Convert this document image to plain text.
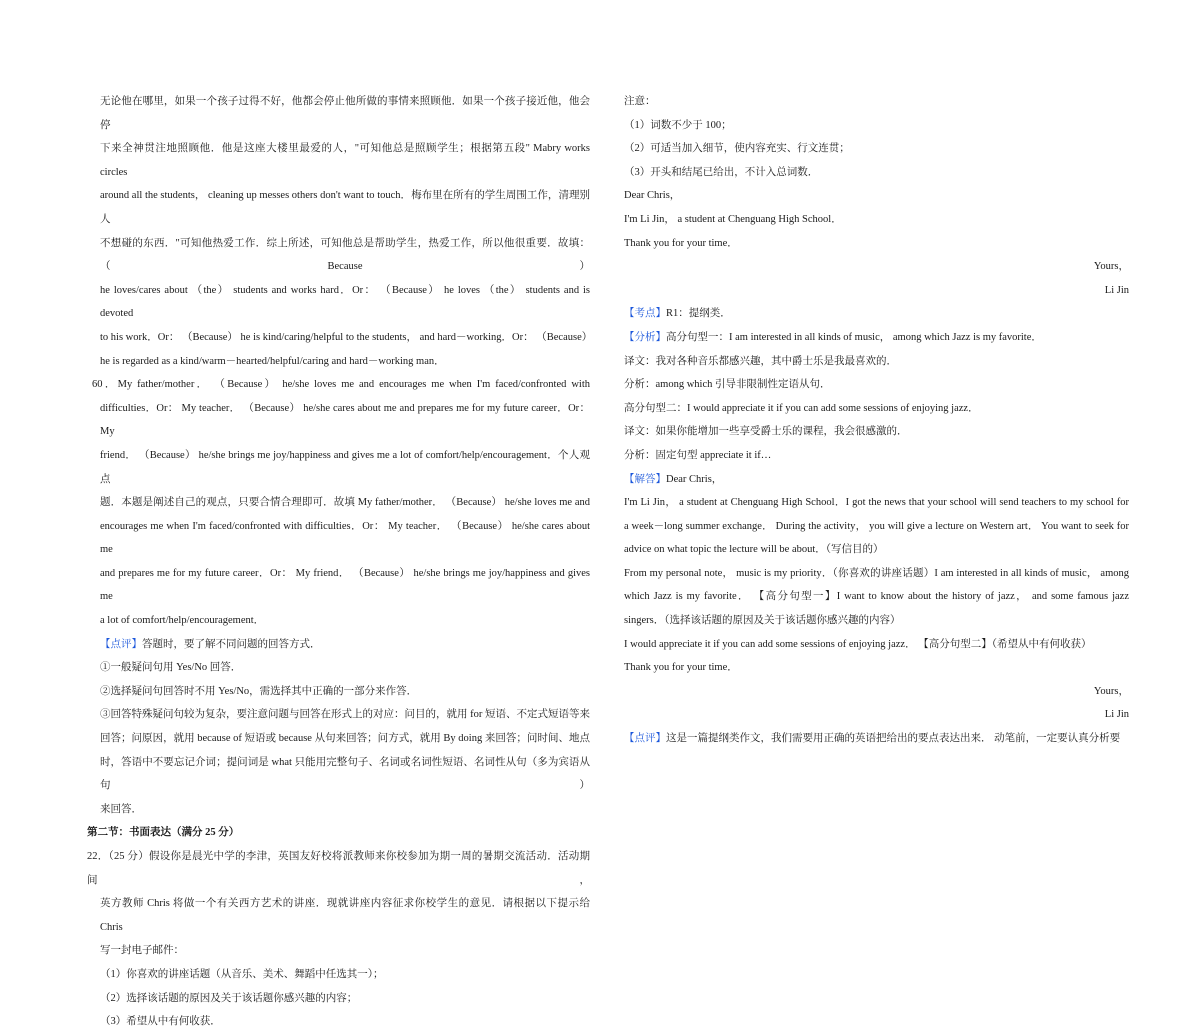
无论他在哪里，如果一个孩子过得不好，他都会停止他所做的事情来照顾他．如果一个孩子接近他，他会停

下来全神贯注地照顾他．他是这座大楼里最爱的人，"可知他总是照顾学生；根据第五段" Mabry works circles

around all the students， cleaning up messes others don't want to touch．梅布里在所有的学生周围工作，清理别人

不想碰的东西．"可知他热爱工作．综上所述，可知他总是帮助学生，热爱工作，所以他很重要．故填：（Because）

he loves/cares about （the） students and works hard．Or： （Because） he loves （the） students and is devoted

to his work．Or： （Because） he is kind/caring/helpful to the students， and hard－working．Or： （Because）

he is regarded as a kind/warm－hearted/helpful/caring and hard－working man．

60．My father/mother． （Because） he/she loves me and encourages me when I'm faced/confronted with

difficulties．Or： My teacher． （Because） he/she cares about me and prepares me for my future career．Or： My

friend． （Because） he/she brings me joy/happiness and gives me a lot of comfort/help/encouragement．个人观点

题．本题是阐述自己的观点，只要合情合理即可．故填 My father/mother． （Because） he/she loves me and

encourages me when I'm faced/confronted with difficulties．Or： My teacher． （Because） he/she cares about me

and prepares me for my future career．Or： My friend． （Because） he/she brings me joy/happiness and gives me

a lot of comfort/help/encouragement．

【点评】答题时，要了解不同问题的回答方式．

①一般疑问句用 Yes/No 回答．

②选择疑问句回答时不用 Yes/No，需选择其中正确的一部分来作答．

③回答特殊疑问句较为复杂，要注意问题与回答在形式上的对应：问目的，就用 for 短语、不定式短语等来

回答；问原因，就用 because of 短语或 because 从句来回答；问方式，就用 By doing 来回答；问时间、地点

时，答语中不要忘记介词；提问词是 what 只能用完整句子、名词或名词性短语、名词性从句（多为宾语从句）

来回答．

第二节：书面表达（满分 25 分）

22．（25 分）假设你是晨光中学的李津，英国友好校将派教师来你校参加为期一周的暑期交流活动．活动期间，

英方教师 Chris 将做一个有关西方艺术的讲座．现就讲座内容征求你校学生的意见．请根据以下提示给 Chris

写一封电子邮件：

（1）你喜欢的讲座话题（从音乐、美术、舞蹈中任选其一）；

（2）选择该话题的原因及关于该话题你感兴趣的内容；

（3）希望从中有何收获．

注意：

（1）词数不少于 100；

（2）可适当加入细节，使内容充实、行文连贯；

（3）开头和结尾已给出，不计入总词数．

Dear Chris，

I'm Li Jin， a student at Chenguang High School．

Thank you for your time．

Yours，

Li Jin

【考点】R1：提纲类．

【分析】高分句型一：I am interested in all kinds of music， among which Jazz is my favorite．

译文：我对各种音乐都感兴趣，其中爵士乐是我最喜欢的．

分析：among which 引导非限制性定语从句．

高分句型二：I would appreciate it if you can add some sessions of enjoying jazz．

译文：如果你能增加一些享受爵士乐的课程，我会很感激的．

分析：固定句型 appreciate it if…

【解答】Dear Chris，

I'm Li Jin， a student at Chenguang High School．I got the news that your school will send teachers to my school for

a week－long summer exchange． During the activity， you will give a lecture on Western art． You want to seek for

advice on what topic the lecture will be about．（写信目的）

From my personal note， music is my priority．（你喜欢的讲座话题）I am interested in all kinds of music， among

which Jazz is my favorite． 【高分句型一】I want to know about the history of jazz， and some famous jazz

singers．（选择该话题的原因及关于该话题你感兴趣的内容）

I would appreciate it if you can add some sessions of enjoying jazz． 【高分句型二】（希望从中有何收获）

Thank you for your time．

Yours，

Li Jin

【点评】这是一篇提纲类作文，我们需要用正确的英语把给出的要点表达出来． 动笔前，一定要认真分析要
